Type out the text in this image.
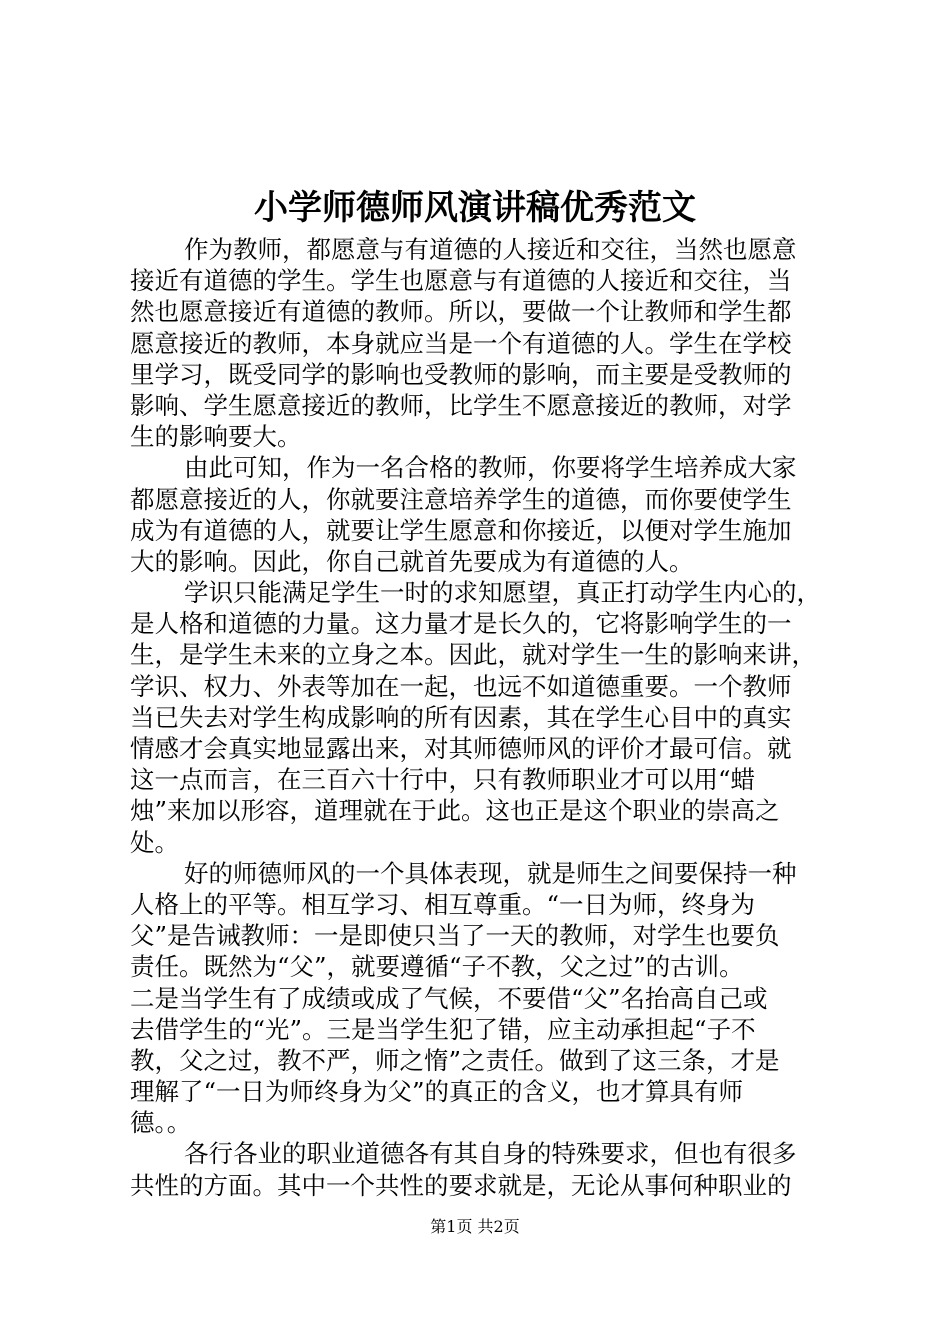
小学师德师风演讲稿优秀范文
作为教师，都愿意与有道德的人接近和交往，当然也愿意
接近有道德的学生。学生也愿意与有道德的人接近和交往，当
然也愿意接近有道德的教师。所以，要做一个让教师和学生都
愿意接近的教师，本身就应当是一个有道德的人。学生在学校
里学习，既受同学的影响也受教师的影响，而主要是受教师的
影响、学生愿意接近的教师，比学生不愿意接近的教师，对学
生的影响要大。
由此可知，作为一名合格的教师，你要将学生培养成大家
都愿意接近的人，你就要注意培养学生的道德，而你要使学生
成为有道德的人，就要让学生愿意和你接近，以便对学生施加
大的影响。因此，你自己就首先要成为有道德的人。
学识只能满足学生一时的求知愿望，真正打动学生内心的，
是人格和道德的力量。这力量才是长久的，它将影响学生的一
生，是学生未来的立身之本。因此，就对学生一生的影响来讲，
学识、权力、外表等加在一起，也远不如道德重要。一个教师
当已失去对学生构成影响的所有因素，其在学生心目中的真实
情感才会真实地显露出来，对其师德师风的评价才最可信。就
这一点而言，在三百六十行中，只有教师职业才可以用“蜡
烛”来加以形容，道理就在于此。这也正是这个职业的崇高之
处。
好的师德师风的一个具体表现，就是师生之间要保持一种
人格上的平等。相互学习、相互尊重。“一日为师，终身为
父”是告诫教师：一是即使只当了一天的教师，对学生也要负
责任。既然为“父”，就要遵循“子不教，父之过”的古训。
二是当学生有了成绩或成了气候，不要借“父”名抬高自己或
去借学生的“光”。三是当学生犯了错，应主动承担起“子不
教，父之过，教不严，师之惰”之责任。做到了这三条，才是
理解了“一日为师终身为父”的真正的含义，也才算具有师
德。。
各行各业的职业道德各有其自身的特殊要求，但也有很多
共性的方面。其中一个共性的要求就是，无论从事何种职业的
第1页 共2页
